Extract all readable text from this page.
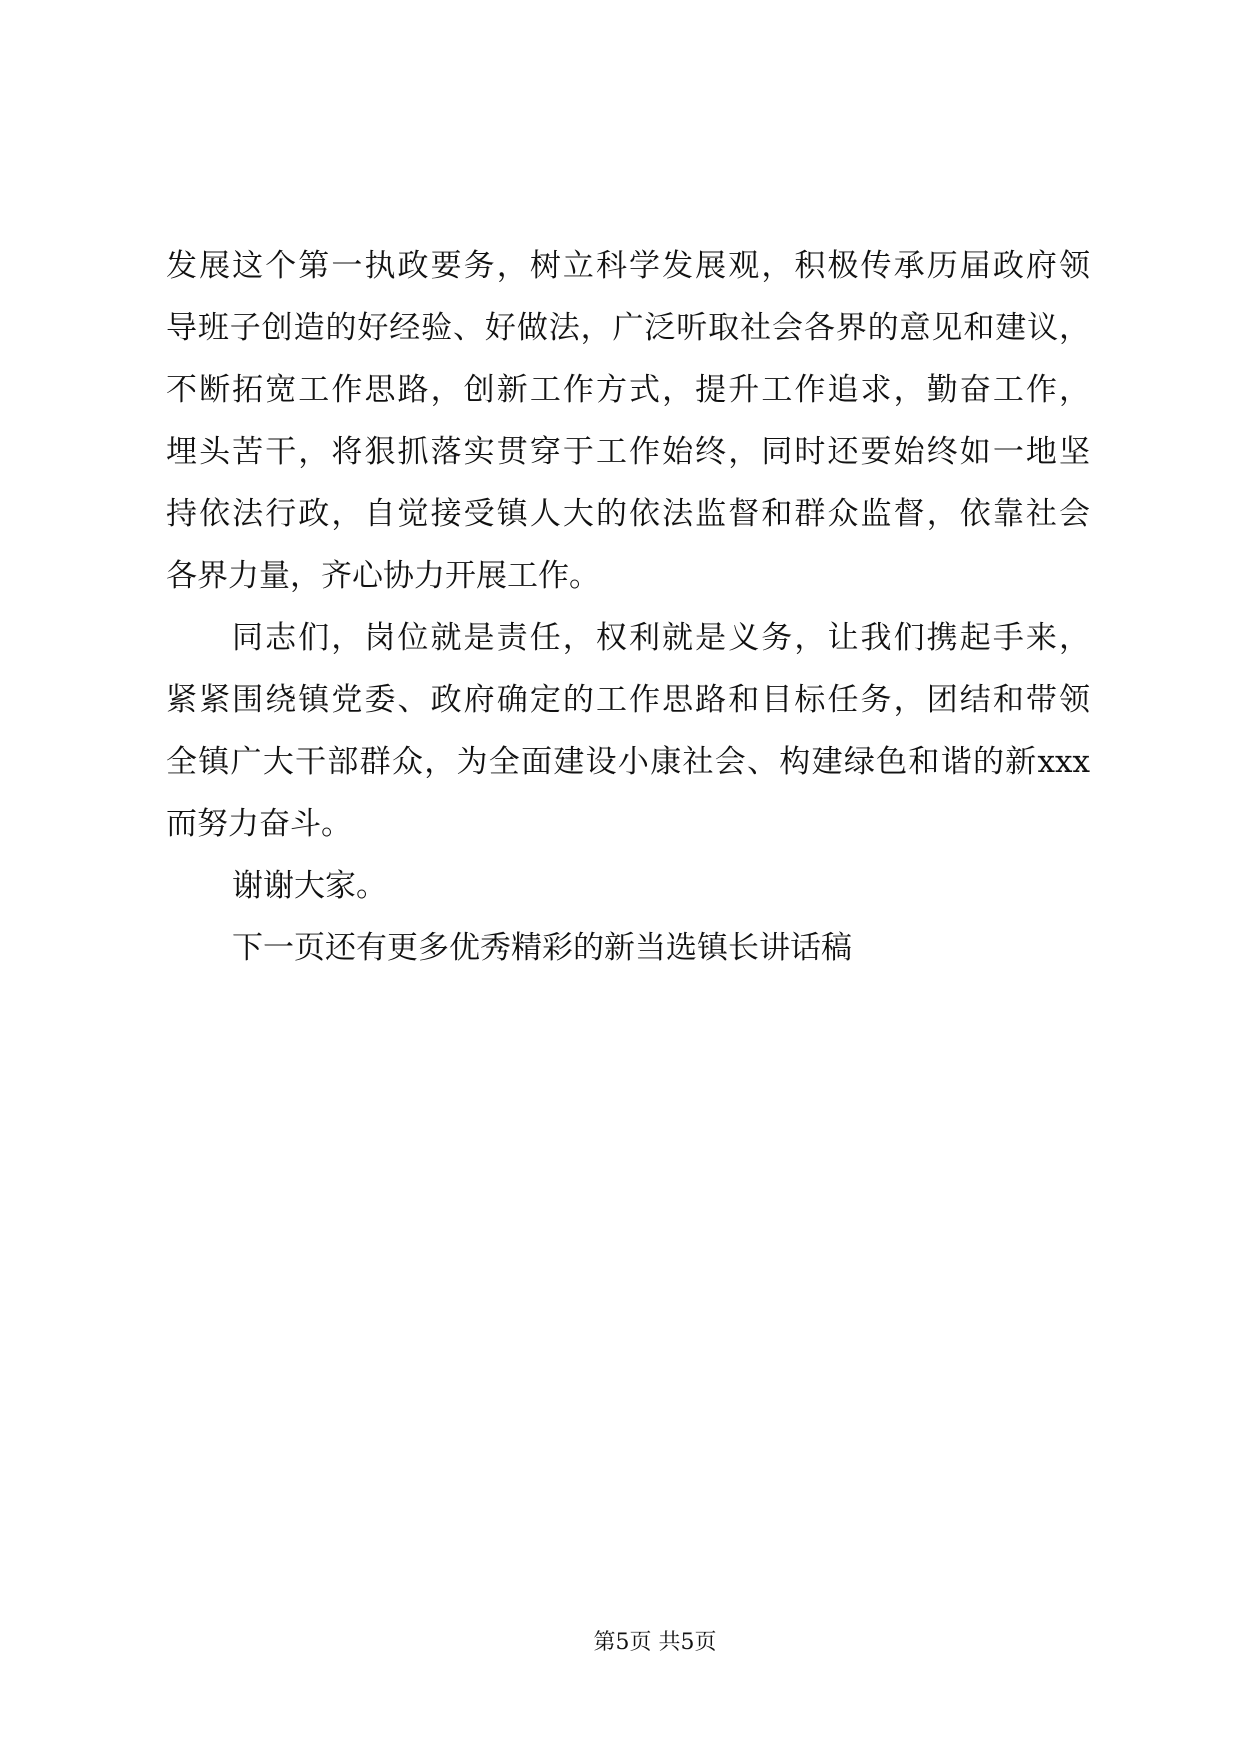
发展这个第一执政要务，树立科学发展观，积极传承历届政府领
导班子创造的好经验、好做法，广泛听取社会各界的意见和建议，
不断拓宽工作思路，创新工作方式，提升工作追求，勤奋工作，
埋头苦干，将狠抓落实贯穿于工作始终，同时还要始终如一地坚
持依法行政，自觉接受镇人大的依法监督和群众监督，依靠社会
各界力量，齐心协力开展工作。
同志们，岗位就是责任，权利就是义务，让我们携起手来，
紧紧围绕镇党委、政府确定的工作思路和目标任务，团结和带领
全镇广大干部群众，为全面建设小康社会、构建绿色和谐的新xxx
而努力奋斗。
谢谢大家。
下一页还有更多优秀精彩的新当选镇长讲话稿
第5页 共5页
